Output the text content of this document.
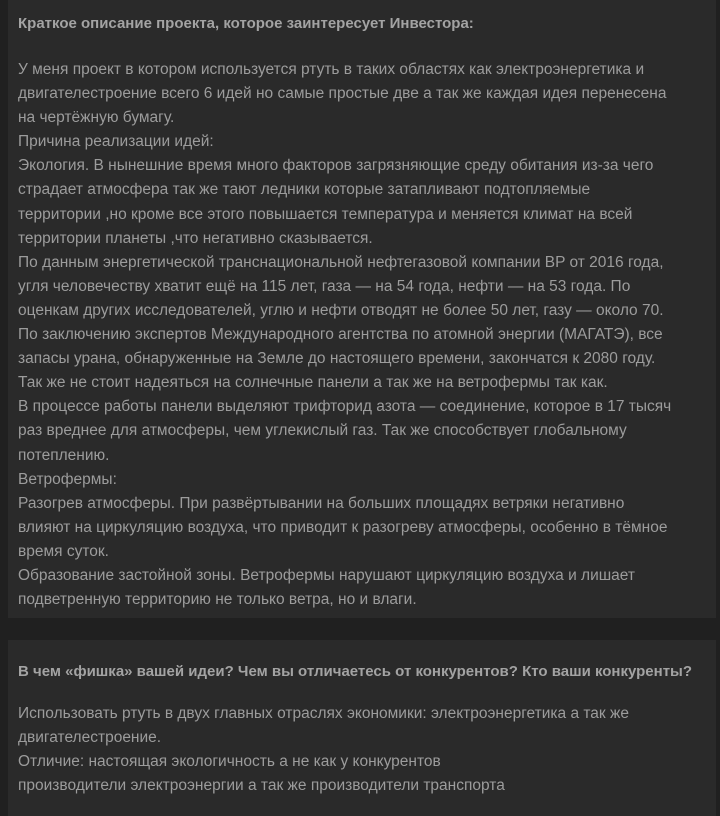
Краткое описание проекта, которое заинтересует Инвестора:
У меня проект в котором используется ртуть в таких областях как электроэнергетика и
двигателестроение всего 6 идей но самые простые две а так же каждая идея перенесена
на чертёжную бумагу.
Причина реализации идей:
Экология. В нынешние время много факторов загрязняющие среду обитания из-за чего
страдает атмосфера так же тают ледники которые затапливают подтопляемые
территории ,но кроме все этого повышается температура и меняется климат на всей
территории планеты ,что негативно сказывается.
По данным энергетической транснациональной нефтегазовой компании BP от 2016 года,
угля человечеству хватит ещё на 115 лет, газа — на 54 года, нефти — на 53 года. По
оценкам других исследователей, углю и нефти отводят не более 50 лет, газу — около 70.
По заключению экспертов Международного агентства по атомной энергии (МАГАТЭ), все
запасы урана, обнаруженные на Земле до настоящего времени, закончатся к 2080 году.
Так же не стоит надеяться на солнечные панели а так же на ветрофермы так как.
В процессе работы панели выделяют трифторид азота — соединение, которое в 17 тысяч
раз вреднее для атмосферы, чем углекислый газ. Так же способствует глобальному
потеплению.
Ветрофермы:
Разогрев атмосферы. При развёртывании на больших площадях ветряки негативно
влияют на циркуляцию воздуха, что приводит к разогреву атмосферы, особенно в тёмное
время суток.
Образование застойной зоны. Ветрофермы нарушают циркуляцию воздуха и лишает
подветренную территорию не только ветра, но и влаги.
В чем «фишка» вашей идеи? Чем вы отличаетесь от конкурентов? Кто ваши конкуренты?
Использовать ртуть в двух главных отраслях экономики: электроэнергетика а так же
двигателестроение.
Отличие: настоящая экологичность а не как у конкурентов
производители электроэнергии а так же производители транспорта
